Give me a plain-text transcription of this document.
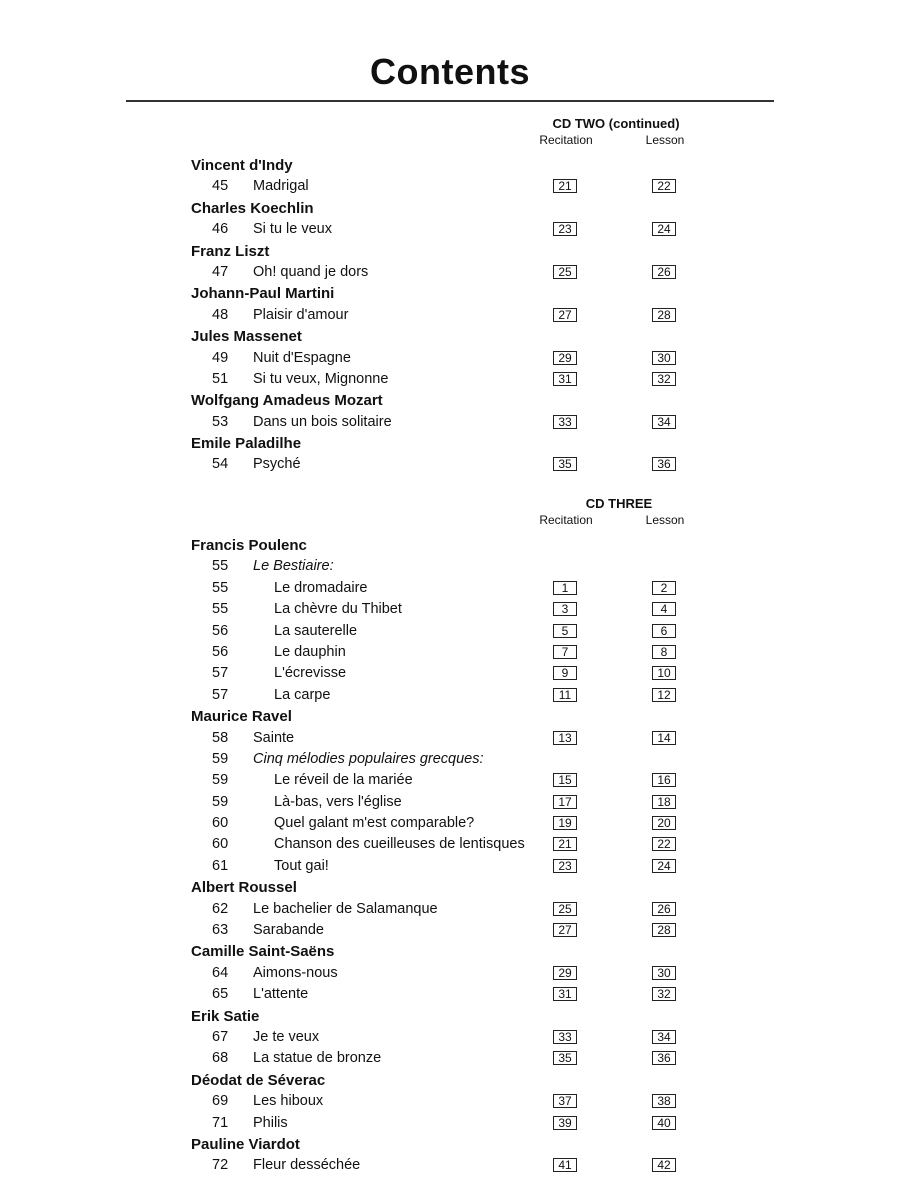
Contents
CD TWO (continued)
Recitation	Lesson
Vincent d'Indy
45	Madrigal	21	22
Charles Koechlin
46	Si tu le veux	23	24
Franz Liszt
47	Oh! quand je dors	25	26
Johann-Paul Martini
48	Plaisir d'amour	27	28
Jules Massenet
49	Nuit d'Espagne	29	30
51	Si tu veux, Mignonne	31	32
Wolfgang Amadeus Mozart
53	Dans un bois solitaire	33	34
Emile Paladilhe
54	Psyché	35	36
CD THREE
Recitation	Lesson
Francis Poulenc
55	Le Bestiaire:
55	Le dromadaire	1	2
55	La chèvre du Thibet	3	4
56	La sauterelle	5	6
56	Le dauphin	7	8
57	L'écrevisse	9	10
57	La carpe	11	12
Maurice Ravel
58	Sainte	13	14
59	Cinq mélodies populaires grecques:
59	Le réveil de la mariée	15	16
59	Là-bas, vers l'église	17	18
60	Quel galant m'est comparable?	19	20
60	Chanson des cueilleuses de lentisques	21	22
61	Tout gai!	23	24
Albert Roussel
62	Le bachelier de Salamanque	25	26
63	Sarabande	27	28
Camille Saint-Saëns
64	Aimons-nous	29	30
65	L'attente	31	32
Erik Satie
67	Je te veux	33	34
68	La statue de bronze	35	36
Déodat de Séverac
69	Les hiboux	37	38
71	Philis	39	40
Pauline Viardot
72	Fleur desséchée	41	42
